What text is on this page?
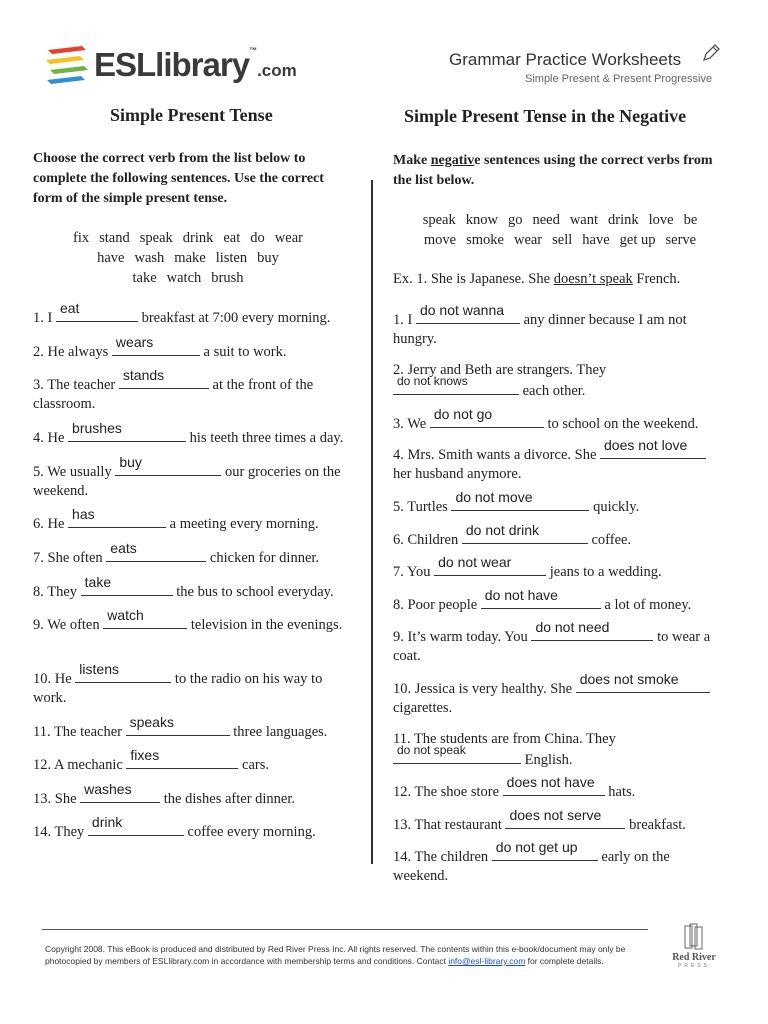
ESLlibrary™.com
Grammar Practice Worksheets
Simple Present & Present Progressive
Simple Present Tense	Simple Present Tense in the Negative
Choose the correct verb from the list below to complete the following sentences. Use the correct form of the simple present tense.
fix stand speak drink eat do wear
have wash make listen buy
take watch brush
Make negative sentences using the correct verbs from the list below.
speak know go need want drink love be
move smoke wear sell have get up serve
Ex. 1. She is Japanese. She doesn’t speak French.
1. I
eat
breakfast at 7:00 every morning.
2. He always
wears
a suit to work.
3. The teacher
stands
at the front of the classroom.
4. He
brushes
his teeth three times a day.
5. We usually
buy
our groceries on the weekend.
6. He
has
a meeting every morning.
7. She often
eats
chicken for dinner.
8. They
take
the bus to school everyday.
9. We often
watch
television in the evenings.
10. He
listens
to the radio on his way to work.
11. The teacher
speaks
three languages.
12. A mechanic
fixes
cars.
13. She
washes
the dishes after dinner.
14. They
drink
coffee every morning.
1. I
do not wanna
any dinner because I am not
hungry.
2. Jerry and Beth are strangers. They

do not knows
each other.
3. We
do not go
to school on the weekend.
4. Mrs. Smith wants a divorce. She
does not love

her husband anymore.
5. Turtles
do not move
quickly.
6. Children
do not drink
coffee.
7. You
do not wear
jeans to a wedding.
8. Poor people
do not have
a lot of money.
9. It’s warm today. You
do not need
to wear a
coat.
10. Jessica is very healthy. She
does not smoke

cigarettes.
11. The students are from China. They

do not speak
English.
12. The shoe store
does not have
hats.
13. That restaurant
does not serve
breakfast.
14. The children
do not get up
early on the
weekend.
Copyright 2008. This eBook is produced and distributed by Red River Press Inc. All rights reserved. The contents within this e-book/document may only be photocopied by members of ESLlibrary.com in accordance with membership terms and conditions. Contact info@esl-library.com for complete details.	Red River
PRESS
